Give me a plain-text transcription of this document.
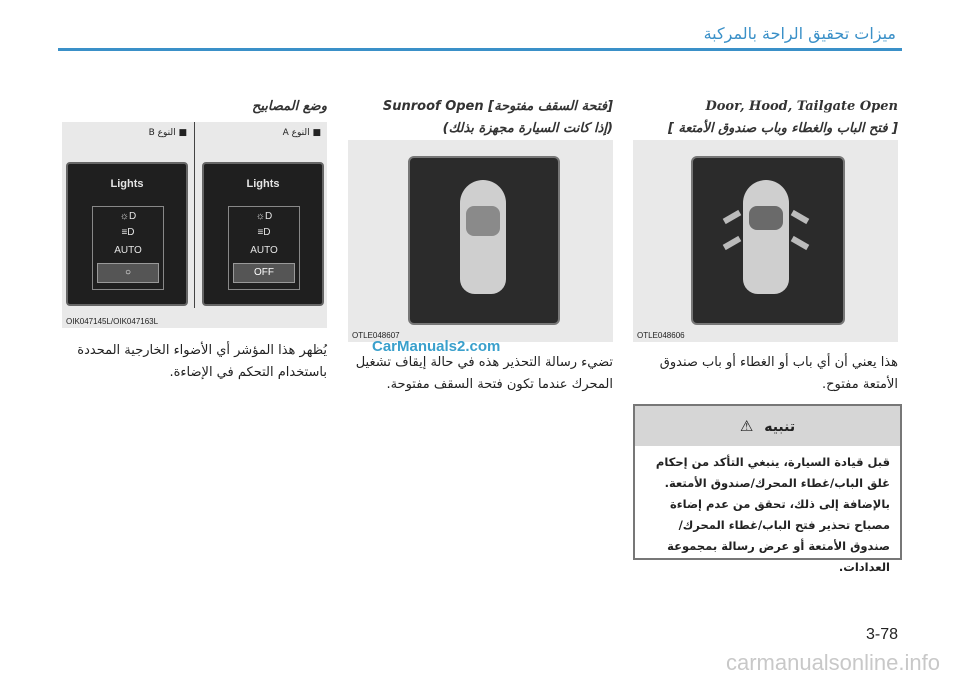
ميزات تحقيق الراحة بالمركبة
Door, Hood, Tailgate Open
[ فتح الباب والغطاء وباب صندوق الأمتعة ]
OTLE048606
هذا يعني أن أي باب أو الغطاء أو باب صندوق الأمتعة مفتوح.
[فتحة السقف مفتوحة] Sunroof Open
(إذا كانت السيارة مجهزة بذلك)
OTLE048607
CarManuals2.com
تضيء رسالة التحذير هذه في حالة إيقاف تشغيل المحرك عندما تكون فتحة السقف مفتوحة.
وضع المصابيح
■ النوع A
■ النوع B
Lights
☼D
≡D
AUTO
○
Lights
☼D
≡D
AUTO
OFF
OIK047145L/OIK047163L
يُظهر هذا المؤشر أي الأضواء الخارجية المحددة باستخدام التحكم في الإضاءة.
تنبيه ⚠
قبل قيادة السيارة، ينبغي التأكد من إحكام غلق الباب/غطاء المحرك/صندوق الأمتعة. بالإضافة إلى ذلك، تحقق من عدم إضاءة مصباح تحذير فتح الباب/غطاء المحرك/صندوق الأمتعة أو عرض رسالة بمجموعة العدادات.
3-78
carmanualsonline.info
